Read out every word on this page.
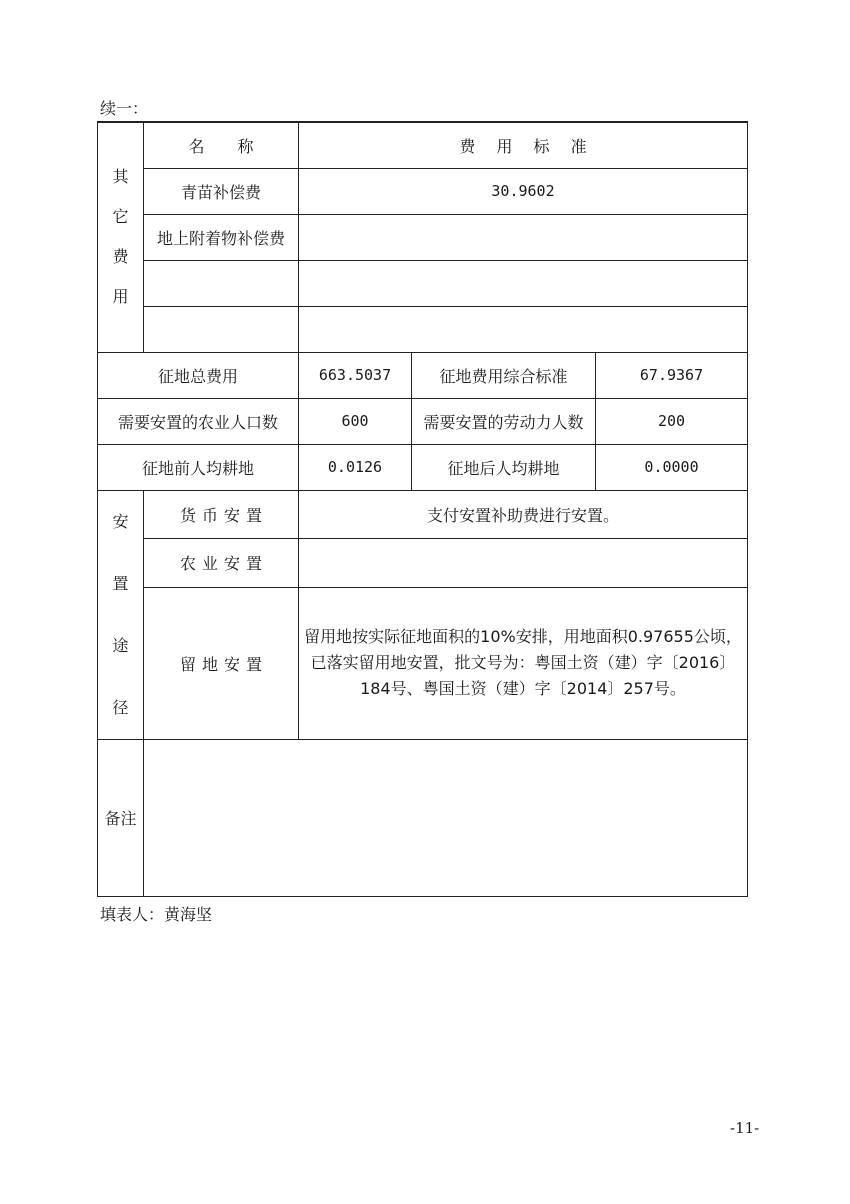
续一：
其
它
费
用	名 称	费 用 标 准		
	青苗补偿费	30.9602		
	地上附着物补偿费			

征地总费用		663.5037	征地费用综合标准	67.9367
需要安置的农业人口数		600	需要安置的劳动力人数	200
征地前人均耕地		0.0126	征地后人均耕地	0.0000

安
置
途
径	货币安置	支付安置补助费进行安置。		
	农业安置			
	留地安置	留用地按实际征地面积的10%安排，用地面积0.97655公顷，已落实留用地安置，批文号为：粤国土资（建）字〔2016〕184号、粤国土资（建）字〔2014〕257号。		
备注				
填表人：黄海坚
-11-
